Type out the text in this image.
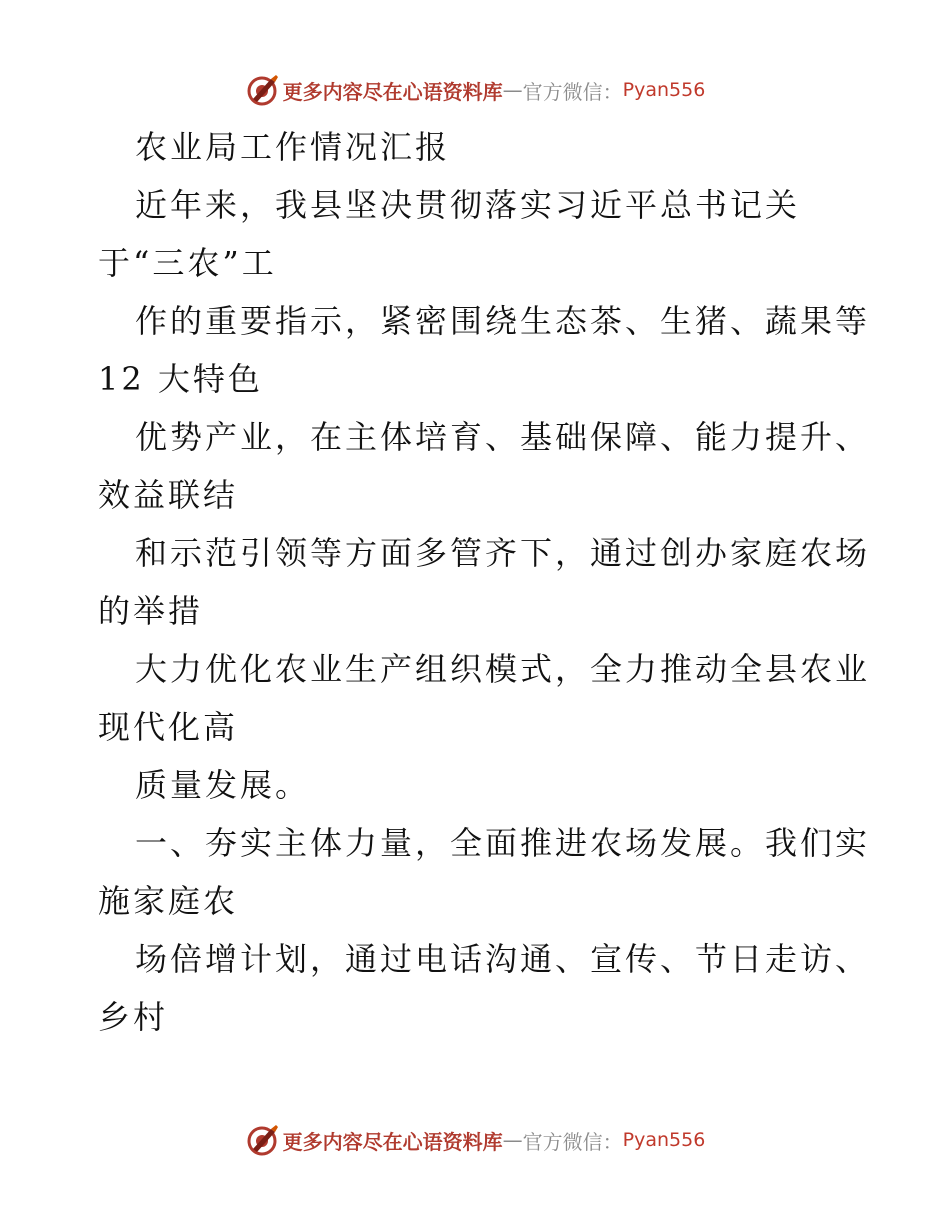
更多内容尽在心语资料库 — 官方微信： Pyan556
农业局工作情况汇报
近年来，我县坚决贯彻落实习近平总书记关
于“三农”工
作的重要指示，紧密围绕生态茶、生猪、蔬果等
12 大特色
优势产业，在主体培育、基础保障、能力提升、
效益联结
和示范引领等方面多管齐下，通过创办家庭农场
的举措
大力优化农业生产组织模式，全力推动全县农业
现代化高
质量发展。
一、夯实主体力量，全面推进农场发展。我们实
施家庭农
场倍增计划，通过电话沟通、宣传、节日走访、
乡村
更多内容尽在心语资料库 — 官方微信： Pyan556
